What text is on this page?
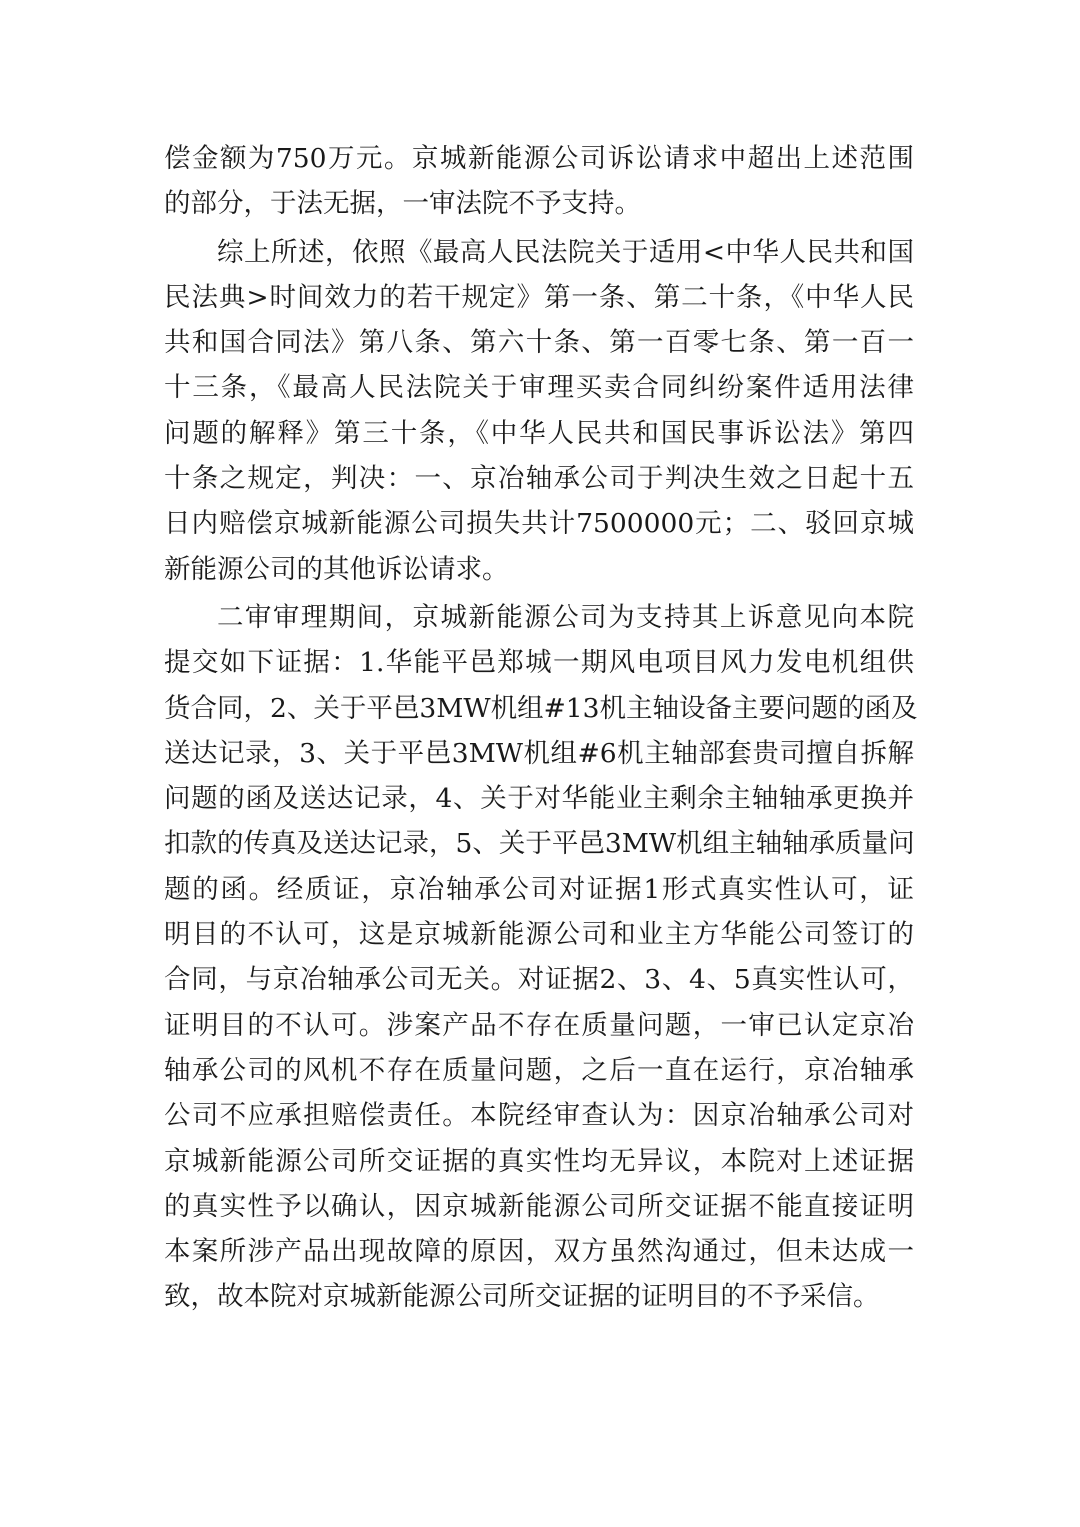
偿金额为750万元。京城新能源公司诉讼请求中超出上述范围
的部分，于法无据，一审法院不予支持。
综上所述，依照《最高人民法院关于适用<中华人民共和国
民法典>时间效力的若干规定》第一条、第二十条，《中华人民
共和国合同法》第八条、第六十条、第一百零七条、第一百一
十三条，《最高人民法院关于审理买卖合同纠纷案件适用法律
问题的解释》第三十条，《中华人民共和国民事诉讼法》第四
十条之规定，判决：一、京冶轴承公司于判决生效之日起十五
日内赔偿京城新能源公司损失共计7500000元；二、驳回京城
新能源公司的其他诉讼请求。
二审审理期间，京城新能源公司为支持其上诉意见向本院
提交如下证据：1.华能平邑郑城一期风电项目风力发电机组供
货合同，2、关于平邑3MW机组#13机主轴设备主要问题的函及
送达记录，3、关于平邑3MW机组#6机主轴部套贵司擅自拆解
问题的函及送达记录，4、关于对华能业主剩余主轴轴承更换并
扣款的传真及送达记录，5、关于平邑3MW机组主轴轴承质量问
题的函。经质证，京冶轴承公司对证据1形式真实性认可，证
明目的不认可，这是京城新能源公司和业主方华能公司签订的
合同，与京冶轴承公司无关。对证据2、3、4、5真实性认可，
证明目的不认可。涉案产品不存在质量问题，一审已认定京冶
轴承公司的风机不存在质量问题，之后一直在运行，京冶轴承
公司不应承担赔偿责任。本院经审查认为：因京冶轴承公司对
京城新能源公司所交证据的真实性均无异议，本院对上述证据
的真实性予以确认，因京城新能源公司所交证据不能直接证明
本案所涉产品出现故障的原因，双方虽然沟通过，但未达成一
致，故本院对京城新能源公司所交证据的证明目的不予采信。
